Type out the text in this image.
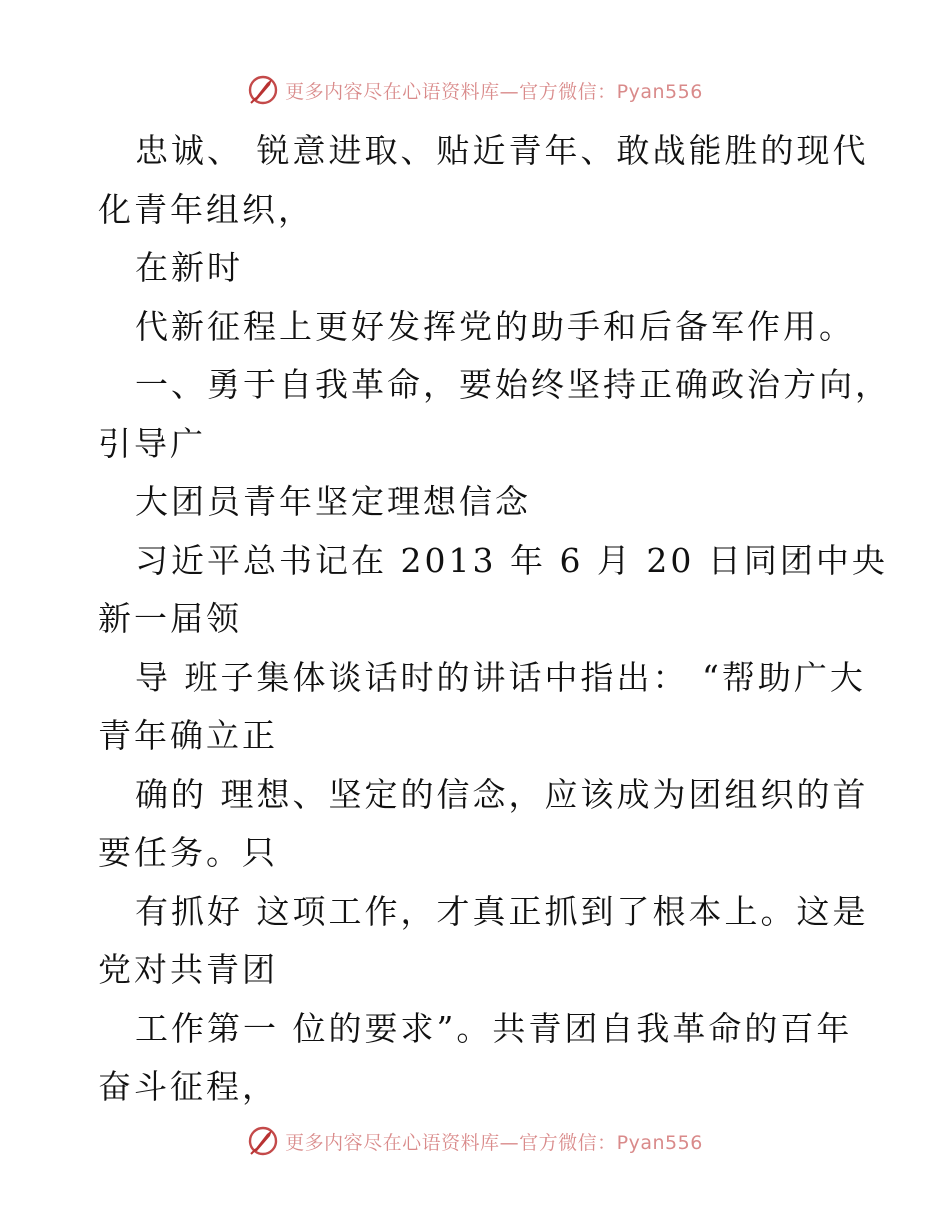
更多内容尽在心语资料库—官方微信：Pyan556
忠诚、 锐意进取、贴近青年、敢战能胜的现代
化青年组织，
在新时
代新征程上更好发挥党的助手和后备军作用。
一、勇于自我革命，要始终坚持正确政治方向，
引导广
大团员青年坚定理想信念
习近平总书记在 2013 年 6 月 20 日同团中央
新一届领
导 班子集体谈话时的讲话中指出： “帮助广大
青年确立正
确的 理想、坚定的信念，应该成为团组织的首
要任务。只
有抓好 这项工作，才真正抓到了根本上。这是
党对共青团
工作第一 位的要求”。共青团自我革命的百年
奋斗征程，
更多内容尽在心语资料库—官方微信：Pyan556
